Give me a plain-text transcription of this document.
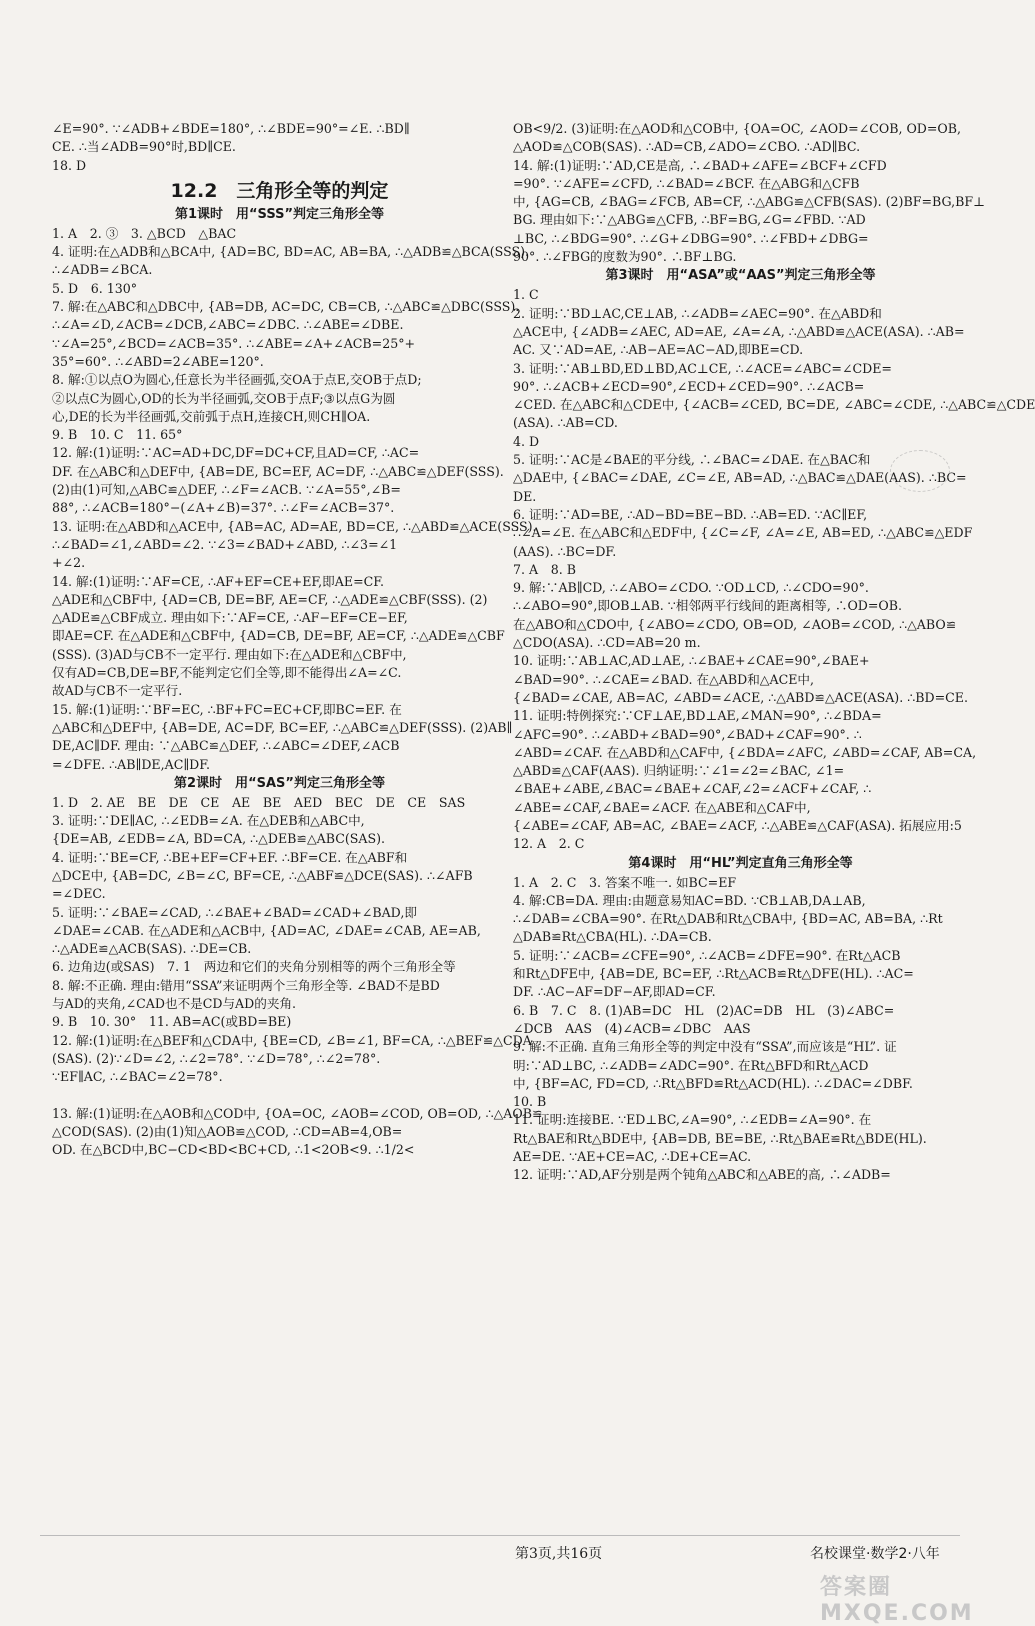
∠E=90°. ∵∠ADB+∠BDE=180°, ∴∠BDE=90°=∠E. ∴BD∥
CE. ∴当∠ADB=90°时,BD∥CE.
18. D
12.2　三角形全等的判定
第1课时　用“SSS”判定三角形全等
1. A　2. ③　3. △BCD　△BAC
4. 证明:在△ADB和△BCA中, {AD=BC, BD=AC, AB=BA, ∴△ADB≌△BCA(SSS).
∴∠ADB=∠BCA.
5. D　6. 130°
7. 解:在△ABC和△DBC中, {AB=DB, AC=DC, CB=CB, ∴△ABC≌△DBC(SSS).
∴∠A=∠D,∠ACB=∠DCB,∠ABC=∠DBC. ∴∠ABE=∠DBE.
∵∠A=25°,∠BCD=∠ACB=35°. ∴∠ABE=∠A+∠ACB=25°+
35°=60°. ∴∠ABD=2∠ABE=120°.
8. 解:①以点O为圆心,任意长为半径画弧,交OA于点E,交OB于点D;
②以点C为圆心,OD的长为半径画弧,交OB于点F;③以点G为圆
心,DE的长为半径画弧,交前弧于点H,连接CH,则CH∥OA.
9. B　10. C　11. 65°
12. 解:(1)证明:∵AC=AD+DC,DF=DC+CF,且AD=CF, ∴AC=
DF. 在△ABC和△DEF中, {AB=DE, BC=EF, AC=DF, ∴△ABC≌△DEF(SSS).
(2)由(1)可知,△ABC≌△DEF, ∴∠F=∠ACB. ∵∠A=55°,∠B=
88°, ∴∠ACB=180°−(∠A+∠B)=37°. ∴∠F=∠ACB=37°.
13. 证明:在△ABD和△ACE中, {AB=AC, AD=AE, BD=CE, ∴△ABD≌△ACE(SSS).
∴∠BAD=∠1,∠ABD=∠2. ∵∠3=∠BAD+∠ABD, ∴∠3=∠1
+∠2.
14. 解:(1)证明:∵AF=CE, ∴AF+EF=CE+EF,即AE=CF.
△ADE和△CBF中, {AD=CB, DE=BF, AE=CF, ∴△ADE≌△CBF(SSS). (2)
△ADE≌△CBF成立. 理由如下:∵AF=CE, ∴AF−EF=CE−EF,
即AE=CF. 在△ADE和△CBF中, {AD=CB, DE=BF, AE=CF, ∴△ADE≌△CBF
(SSS). (3)AD与CB不一定平行. 理由如下:在△ADE和△CBF中,
仅有AD=CB,DE=BF,不能判定它们全等,即不能得出∠A=∠C.
故AD与CB不一定平行.
15. 解:(1)证明:∵BF=EC, ∴BF+FC=EC+CF,即BC=EF. 在
△ABC和△DEF中, {AB=DE, AC=DF, BC=EF, ∴△ABC≌△DEF(SSS). (2)AB∥
DE,AC∥DF. 理由: ∵△ABC≌△DEF, ∴∠ABC=∠DEF,∠ACB
=∠DFE. ∴AB∥DE,AC∥DF.
第2课时　用“SAS”判定三角形全等
1. D　2. AE　BE　DE　CE　AE　BE　AED　BEC　DE　CE　SAS
3. 证明:∵DE∥AC, ∴∠EDB=∠A. 在△DEB和△ABC中,
{DE=AB, ∠EDB=∠A, BD=CA, ∴△DEB≌△ABC(SAS).
4. 证明:∵BE=CF, ∴BE+EF=CF+EF. ∴BF=CE. 在△ABF和
△DCE中, {AB=DC, ∠B=∠C, BF=CE, ∴△ABF≌△DCE(SAS). ∴∠AFB
=∠DEC.
5. 证明:∵∠BAE=∠CAD, ∴∠BAE+∠BAD=∠CAD+∠BAD,即
∠DAE=∠CAB. 在△ADE和△ACB中, {AD=AC, ∠DAE=∠CAB, AE=AB,
∴△ADE≌△ACB(SAS). ∴DE=CB.
6. 边角边(或SAS)　7. 1　两边和它们的夹角分别相等的两个三角形全等
8. 解:不正确. 理由:错用“SSA”来证明两个三角形全等. ∠BAD不是BD
与AD的夹角,∠CAD也不是CD与AD的夹角.
9. B　10. 30°　11. AB=AC(或BD=BE)
12. 解:(1)证明:在△BEF和△CDA中, {BE=CD, ∠B=∠1, BF=CA, ∴△BEF≌△CDA
(SAS). (2)∵∠D=∠2, ∴∠2=78°. ∵∠D=78°, ∴∠2=78°.
∵EF∥AC, ∴∠BAC=∠2=78°.

13. 解:(1)证明:在△AOB和△COD中, {OA=OC, ∠AOB=∠COD, OB=OD, ∴△AOB≌
△COD(SAS). (2)由(1)知△AOB≌△COD, ∴CD=AB=4,OB=
OD. 在△BCD中,BC−CD<BD<BC+CD, ∴1<2OB<9. ∴1/2<
OB<9/2. (3)证明:在△AOD和△COB中, {OA=OC, ∠AOD=∠COB, OD=OB,
△AOD≌△COB(SAS). ∴AD=CB,∠ADO=∠CBO. ∴AD∥BC.
14. 解:(1)证明:∵AD,CE是高, ∴∠BAD+∠AFE=∠BCF+∠CFD
=90°. ∵∠AFE=∠CFD, ∴∠BAD=∠BCF. 在△ABG和△CFB
中, {AG=CB, ∠BAG=∠FCB, AB=CF, ∴△ABG≌△CFB(SAS). (2)BF=BG,BF⊥
BG. 理由如下:∵△ABG≌△CFB, ∴BF=BG,∠G=∠FBD. ∵AD
⊥BC, ∴∠BDG=90°. ∴∠G+∠DBG=90°. ∴∠FBD+∠DBG=
90°. ∴∠FBG的度数为90°. ∴BF⊥BG.
第3课时　用“ASA”或“AAS”判定三角形全等
1. C
2. 证明:∵BD⊥AC,CE⊥AB, ∴∠ADB=∠AEC=90°. 在△ABD和
△ACE中, {∠ADB=∠AEC, AD=AE, ∠A=∠A, ∴△ABD≌△ACE(ASA). ∴AB=
AC. 又∵AD=AE, ∴AB−AE=AC−AD,即BE=CD.
3. 证明:∵AB⊥BD,ED⊥BD,AC⊥CE, ∴∠ACE=∠ABC=∠CDE=
90°. ∴∠ACB+∠ECD=90°,∠ECD+∠CED=90°. ∴∠ACB=
∠CED. 在△ABC和△CDE中, {∠ACB=∠CED, BC=DE, ∠ABC=∠CDE, ∴△ABC≌△CDE
(ASA). ∴AB=CD.
4. D
5. 证明:∵AC是∠BAE的平分线, ∴∠BAC=∠DAE. 在△BAC和
△DAE中, {∠BAC=∠DAE, ∠C=∠E, AB=AD, ∴△BAC≌△DAE(AAS). ∴BC=
DE.
6. 证明:∵AD=BE, ∴AD−BD=BE−BD. ∴AB=ED. ∵AC∥EF,
∴∠A=∠E. 在△ABC和△EDF中, {∠C=∠F, ∠A=∠E, AB=ED, ∴△ABC≌△EDF
(AAS). ∴BC=DF.
7. A　8. B
9. 解:∵AB∥CD, ∴∠ABO=∠CDO. ∵OD⊥CD, ∴∠CDO=90°.
∴∠ABO=90°,即OB⊥AB. ∵相邻两平行线间的距离相等, ∴OD=OB.
在△ABO和△CDO中, {∠ABO=∠CDO, OB=OD, ∠AOB=∠COD, ∴△ABO≌
△CDO(ASA). ∴CD=AB=20 m.
10. 证明:∵AB⊥AC,AD⊥AE, ∴∠BAE+∠CAE=90°,∠BAE+
∠BAD=90°. ∴∠CAE=∠BAD. 在△ABD和△ACE中,
{∠BAD=∠CAE, AB=AC, ∠ABD=∠ACE, ∴△ABD≌△ACE(ASA). ∴BD=CE.
11. 证明:特例探究:∵CF⊥AE,BD⊥AE,∠MAN=90°, ∴∠BDA=
∠AFC=90°. ∴∠ABD+∠BAD=90°,∠BAD+∠CAF=90°. ∴
∠ABD=∠CAF. 在△ABD和△CAF中, {∠BDA=∠AFC, ∠ABD=∠CAF, AB=CA,
△ABD≌△CAF(AAS). 归纳证明:∵∠1=∠2=∠BAC, ∠1=
∠BAE+∠ABE,∠BAC=∠BAE+∠CAF,∠2=∠ACF+∠CAF, ∴
∠ABE=∠CAF,∠BAE=∠ACF. 在△ABE和△CAF中,
{∠ABE=∠CAF, AB=AC, ∠BAE=∠ACF, ∴△ABE≌△CAF(ASA). 拓展应用:5
12. A　2. C
第4课时　用“HL”判定直角三角形全等
1. A　2. C　3. 答案不唯一. 如BC=EF
4. 解:CB=DA. 理由:由题意易知AC=BD. ∵CB⊥AB,DA⊥AB,
∴∠DAB=∠CBA=90°. 在Rt△DAB和Rt△CBA中, {BD=AC, AB=BA, ∴Rt
△DAB≌Rt△CBA(HL). ∴DA=CB.
5. 证明:∵∠ACB=∠CFE=90°, ∴∠ACB=∠DFE=90°. 在Rt△ACB
和Rt△DFE中, {AB=DE, BC=EF, ∴Rt△ACB≌Rt△DFE(HL). ∴AC=
DF. ∴AC−AF=DF−AF,即AD=CF.
6. B　7. C　8. (1)AB=DC　HL　(2)AC=DB　HL　(3)∠ABC=
∠DCB　AAS　(4)∠ACB=∠DBC　AAS
9. 解:不正确. 直角三角形全等的判定中没有“SSA”,而应该是“HL”. 证
明:∵AD⊥BC, ∴∠ADB=∠ADC=90°. 在Rt△BFD和Rt△ACD
中, {BF=AC, FD=CD, ∴Rt△BFD≌Rt△ACD(HL). ∴∠DAC=∠DBF.
10. B
11. 证明:连接BE. ∵ED⊥BC,∠A=90°, ∴∠EDB=∠A=90°. 在
Rt△BAE和Rt△BDE中, {AB=DB, BE=BE, ∴Rt△BAE≌Rt△BDE(HL).
AE=DE. ∵AE+CE=AC, ∴DE+CE=AC.
12. 证明:∵AD,AF分别是两个钝角△ABC和△ABE的高, ∴∠ADB=
第3页,共16页	名校课堂·数学2·八年
答案圈 MXQE.COM
